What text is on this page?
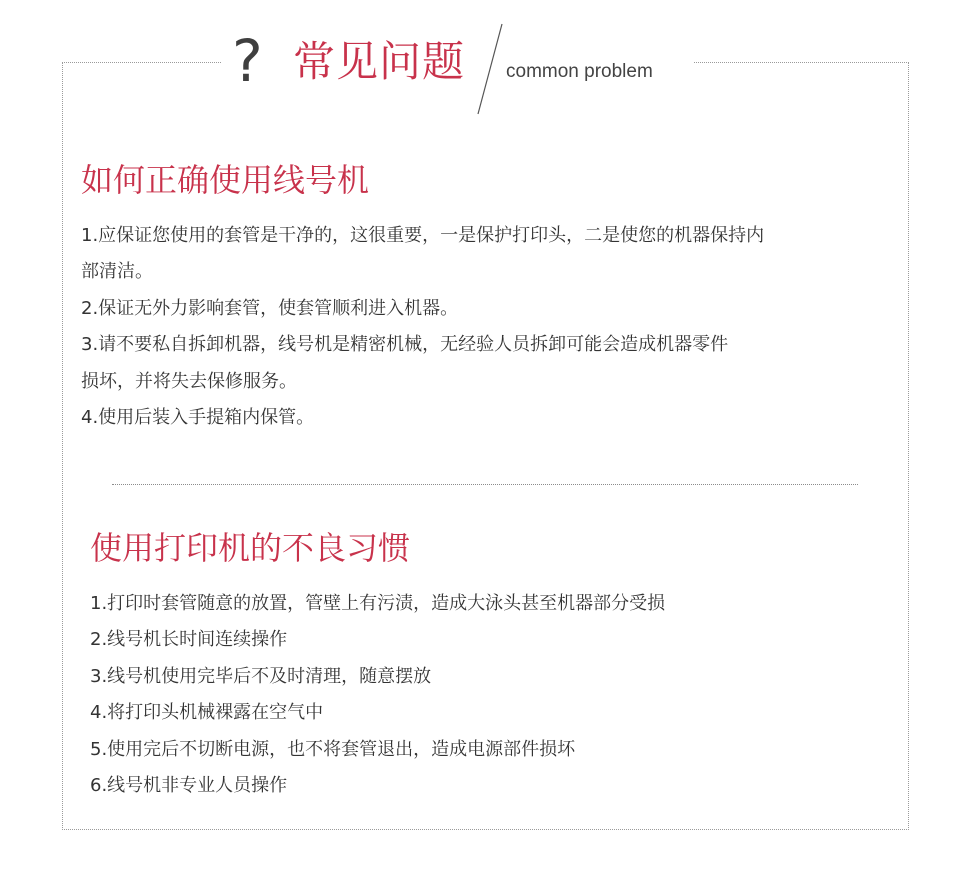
? 常见问题 common problem
如何正确使用线号机
1.应保证您使用的套管是干净的，这很重要，一是保护打印头，二是使您的机器保持内
部清洁。
2.保证无外力影响套管，使套管顺利进入机器。
3.请不要私自拆卸机器，线号机是精密机械，无经验人员拆卸可能会造成机器零件
损坏，并将失去保修服务。
4.使用后装入手提箱内保管。
使用打印机的不良习惯
1.打印时套管随意的放置，管壁上有污渍，造成大泳头甚至机器部分受损
2.线号机长时间连续操作
3.线号机使用完毕后不及时清理，随意摆放
4.将打印头机械裸露在空气中
5.使用完后不切断电源，也不将套管退出，造成电源部件损坏
6.线号机非专业人员操作
